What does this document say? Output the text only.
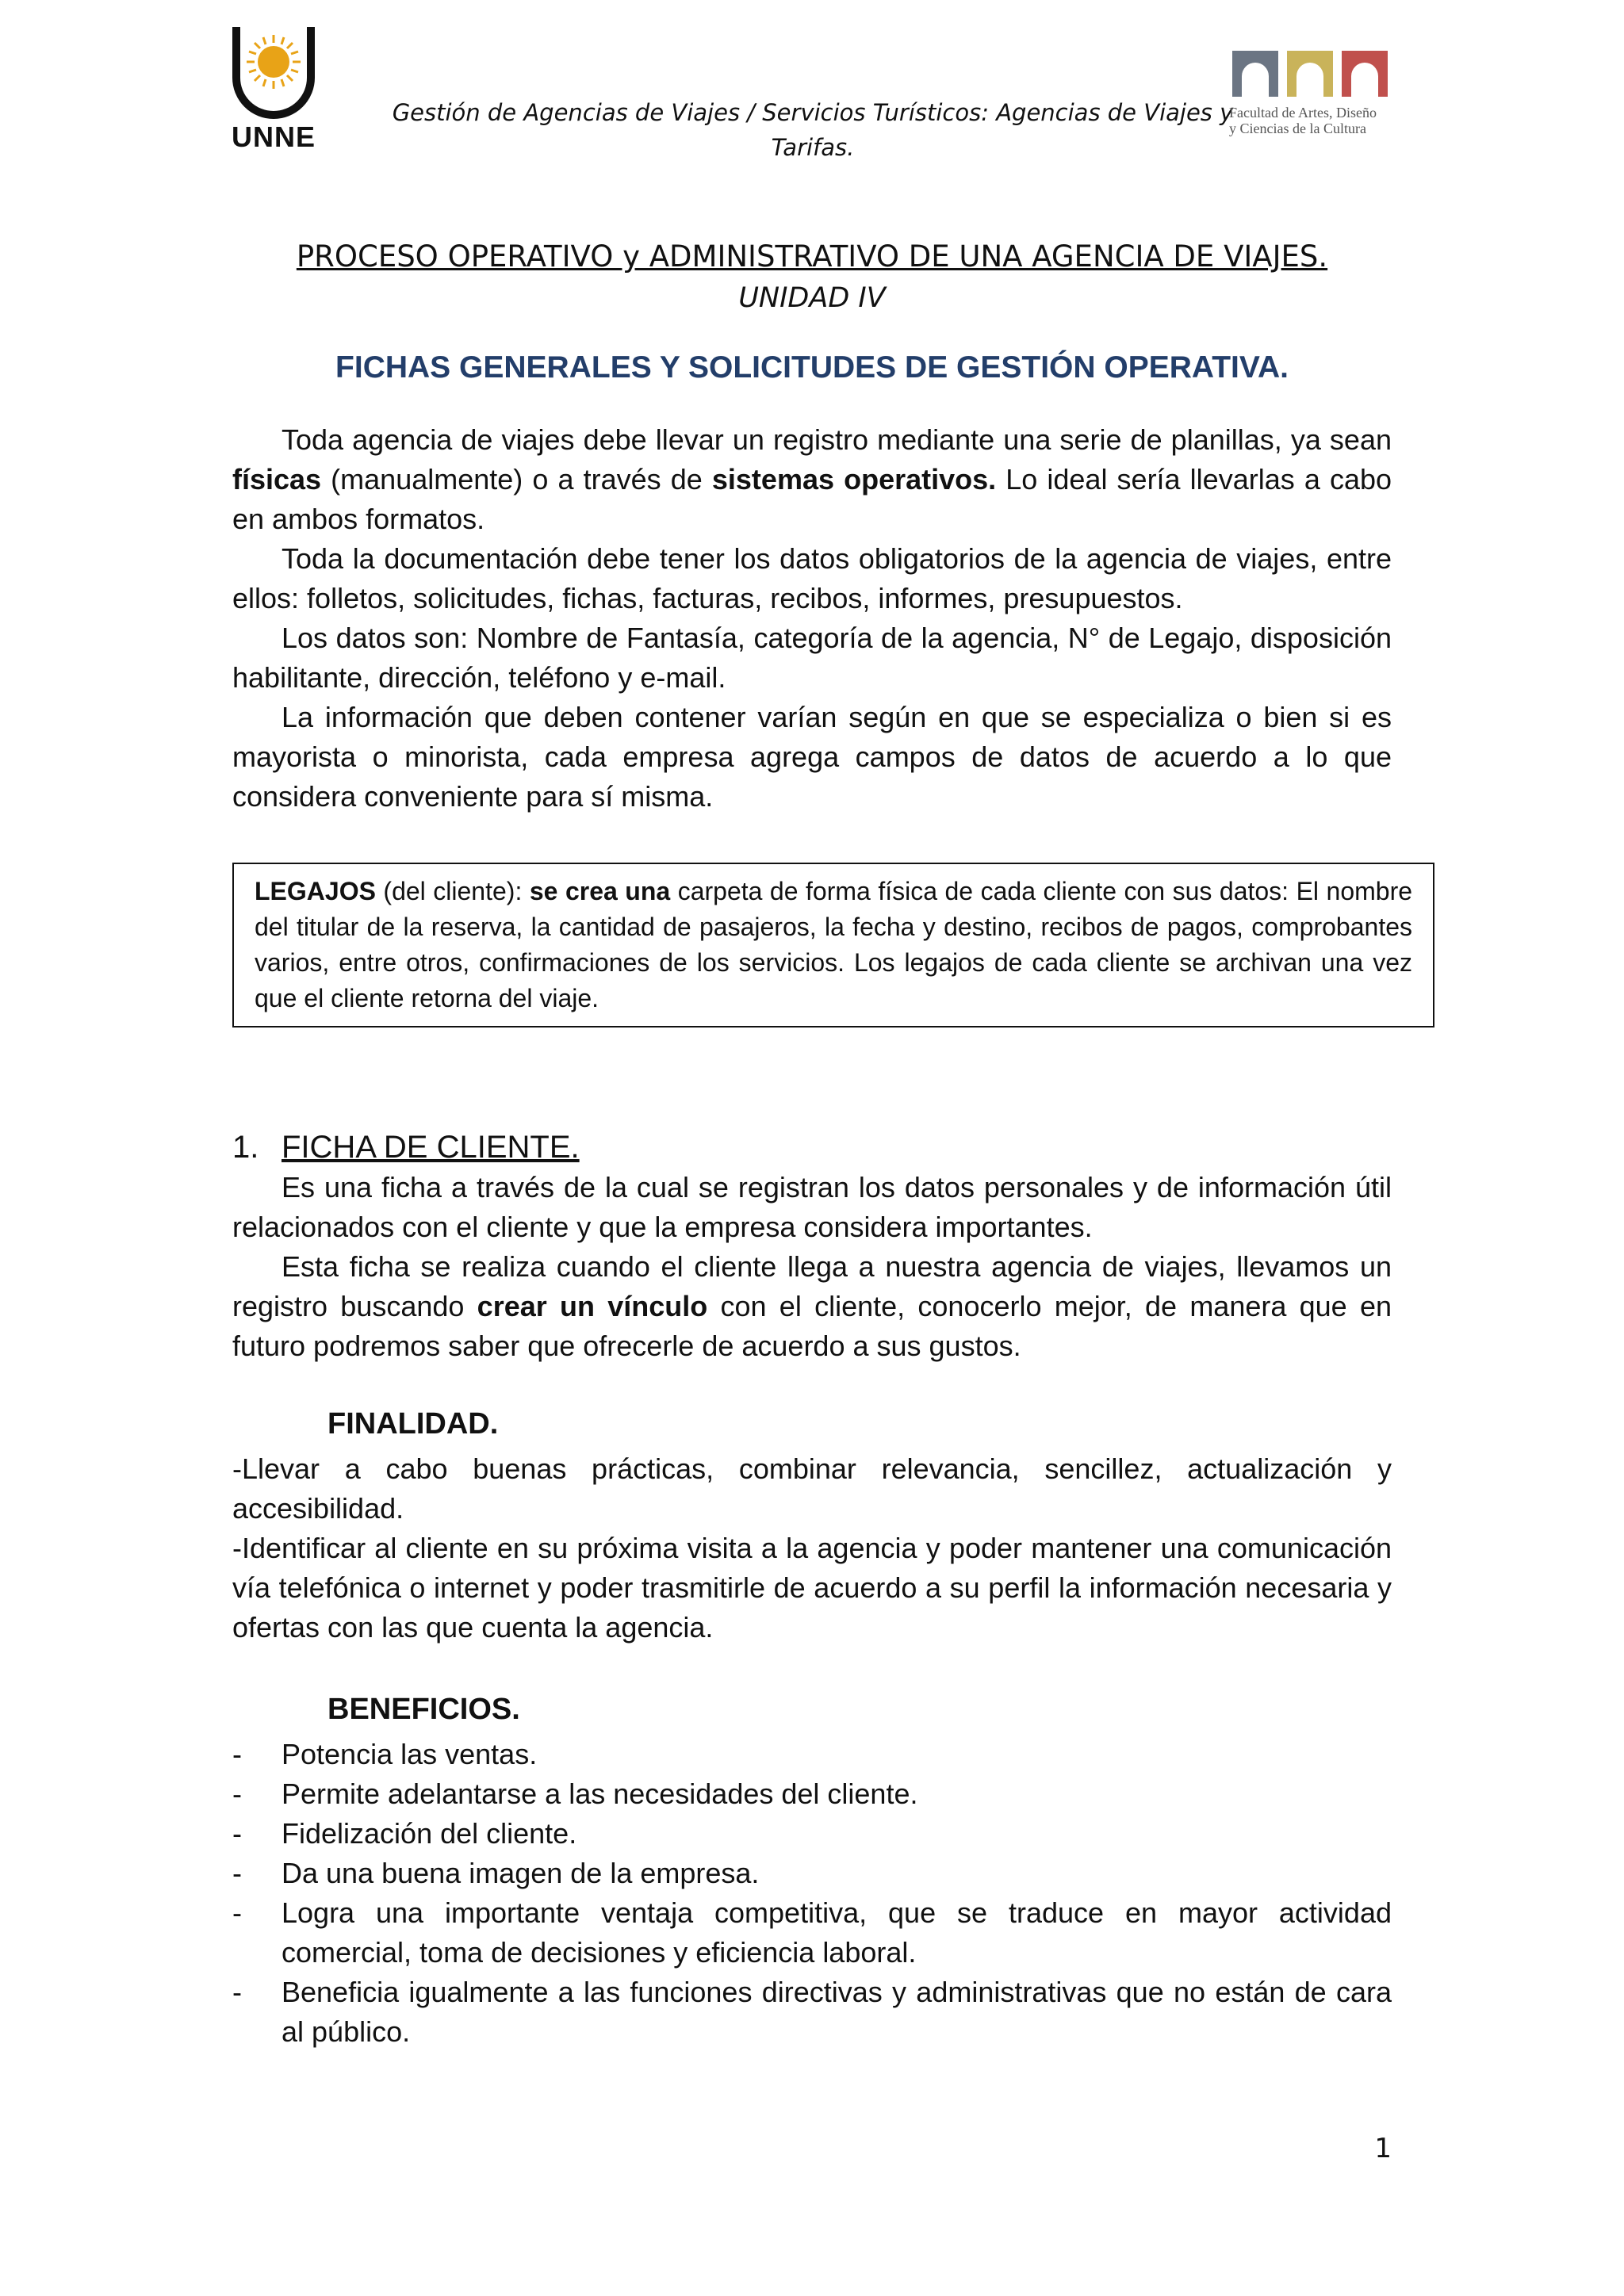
UNNE
Gestión de Agencias de Viajes / Servicios Turísticos: Agencias de Viajes y
Tarifas.
Facultad de Artes, Diseño
y Ciencias de la Cultura
PROCESO OPERATIVO y ADMINISTRATIVO DE UNA AGENCIA DE VIAJES.
UNIDAD IV
FICHAS GENERALES Y SOLICITUDES DE GESTIÓN OPERATIVA.

Toda agencia de viajes debe llevar un registro mediante una serie de planillas, ya sean físicas (manualmente) o a través de sistemas operativos. Lo ideal sería llevarlas a cabo en ambos formatos.

Toda la documentación debe tener los datos obligatorios de la agencia de viajes, entre ellos: folletos, solicitudes, fichas, facturas, recibos, informes, presupuestos.

Los datos son: Nombre de Fantasía, categoría de la agencia, N° de Legajo, disposición habilitante, dirección, teléfono y e-mail.

La información que deben contener varían según en que se especializa o bien si es mayorista o minorista, cada empresa agrega campos de datos de acuerdo a lo que considera conveniente para sí misma.

LEGAJOS (del cliente): se crea una carpeta de forma física de cada cliente con sus datos: El nombre del titular de la reserva, la cantidad de pasajeros, la fecha y destino, recibos de pagos, comprobantes varios, entre otros, confirmaciones de los servicios. Los legajos de cada cliente se archivan una vez que el cliente retorna del viaje.

1. FICHA DE CLIENTE.

Es una ficha a través de la cual se registran los datos personales y de información útil relacionados con el cliente y que la empresa considera importantes.

Esta ficha se realiza cuando el cliente llega a nuestra agencia de viajes, llevamos un registro buscando crear un vínculo con el cliente, conocerlo mejor, de manera que en futuro podremos saber que ofrecerle de acuerdo a sus gustos.

FINALIDAD.

-Llevar a cabo buenas prácticas, combinar relevancia, sencillez, actualización y accesibilidad.

-Identificar al cliente en su próxima visita a la agencia y poder mantener una comunicación vía telefónica o internet y poder trasmitirle de acuerdo a su perfil la información necesaria y ofertas con las que cuenta la agencia.

BENEFICIOS.
- Potencia las ventas.
- Permite adelantarse a las necesidades del cliente.
- Fidelización del cliente.
- Da una buena imagen de la empresa.
- Logra una importante ventaja competitiva, que se traduce en mayor actividad comercial, toma de decisiones y eficiencia laboral.
- Beneficia igualmente a las funciones directivas y administrativas que no están de cara al público.
1
